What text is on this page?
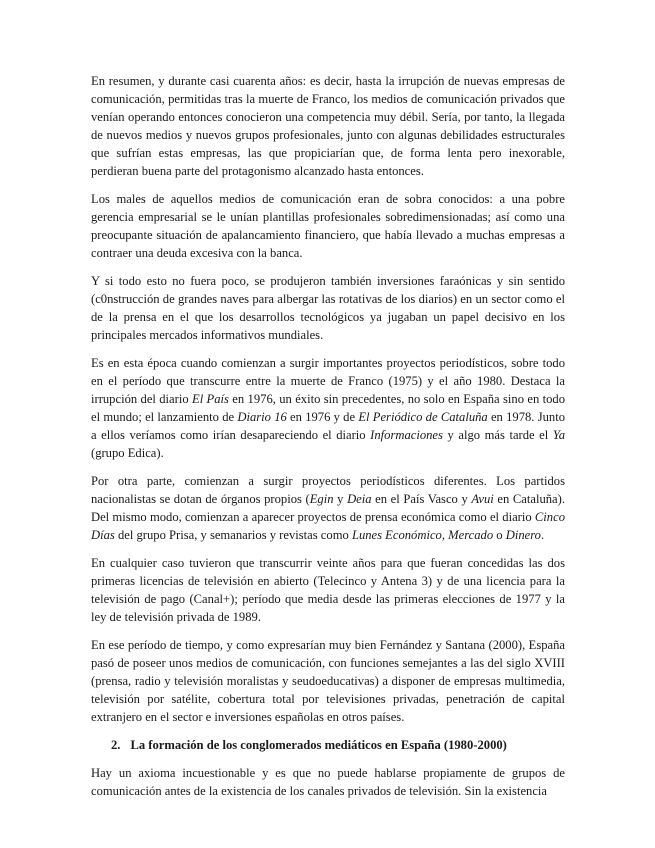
En resumen, y durante casi cuarenta años: es decir, hasta la irrupción de nuevas empresas de comunicación, permitidas tras la muerte de Franco, los medios de comunicación privados que venían operando entonces conocieron una competencia muy débil. Sería, por tanto, la llegada de nuevos medios y nuevos grupos profesionales, junto con algunas debilidades estructurales que sufrían estas empresas, las que propiciarían que, de forma lenta pero inexorable, perdieran buena parte del protagonismo alcanzado hasta entonces.

Los males de aquellos medios de comunicación eran de sobra conocidos: a una pobre gerencia empresarial se le unían plantillas profesionales sobredimensionadas; así como una preocupante situación de apalancamiento financiero, que había llevado a muchas empresas a contraer una deuda excesiva con la banca.

Y si todo esto no fuera poco, se produjeron también inversiones faraónicas y sin sentido (c0nstrucción de grandes naves para albergar las rotativas de los diarios) en un sector como el de la prensa en el que los desarrollos tecnológicos ya jugaban un papel decisivo en los principales mercados informativos mundiales.

Es en esta época cuando comienzan a surgir importantes proyectos periodísticos, sobre todo en el período que transcurre entre la muerte de Franco (1975) y el año 1980. Destaca la irrupción del diario El País en 1976, un éxito sin precedentes, no solo en España sino en todo el mundo; el lanzamiento de Diario 16 en 1976 y de El Periódico de Cataluña en 1978. Junto a ellos veríamos como irían desapareciendo el diario Informaciones y algo más tarde el Ya (grupo Edica).

Por otra parte, comienzan a surgir proyectos periodísticos diferentes. Los partidos nacionalistas se dotan de órganos propios (Egin y Deia en el País Vasco y Avui en Cataluña). Del mismo modo, comienzan a aparecer proyectos de prensa económica como el diario Cinco Días del grupo Prisa, y semanarios y revistas como Lunes Económico, Mercado o Dinero.

En cualquier caso tuvieron que transcurrir veinte años para que fueran concedidas las dos primeras licencias de televisión en abierto (Telecinco y Antena 3) y de una licencia para la televisión de pago (Canal+); período que media desde las primeras elecciones de 1977 y la ley de televisión privada de 1989.

En ese período de tiempo, y como expresarían muy bien Fernández y Santana (2000), España pasó de poseer unos medios de comunicación, con funciones semejantes a las del siglo XVIII (prensa, radio y televisión moralistas y seudoeducativas) a disponer de empresas multimedia, televisión por satélite, cobertura total por televisiones privadas, penetración de capital extranjero en el sector e inversiones españolas en otros países.

2. La formación de los conglomerados mediáticos en España (1980-2000)

Hay un axioma incuestionable y es que no puede hablarse propiamente de grupos de comunicación antes de la existencia de los canales privados de televisión. Sin la existencia
